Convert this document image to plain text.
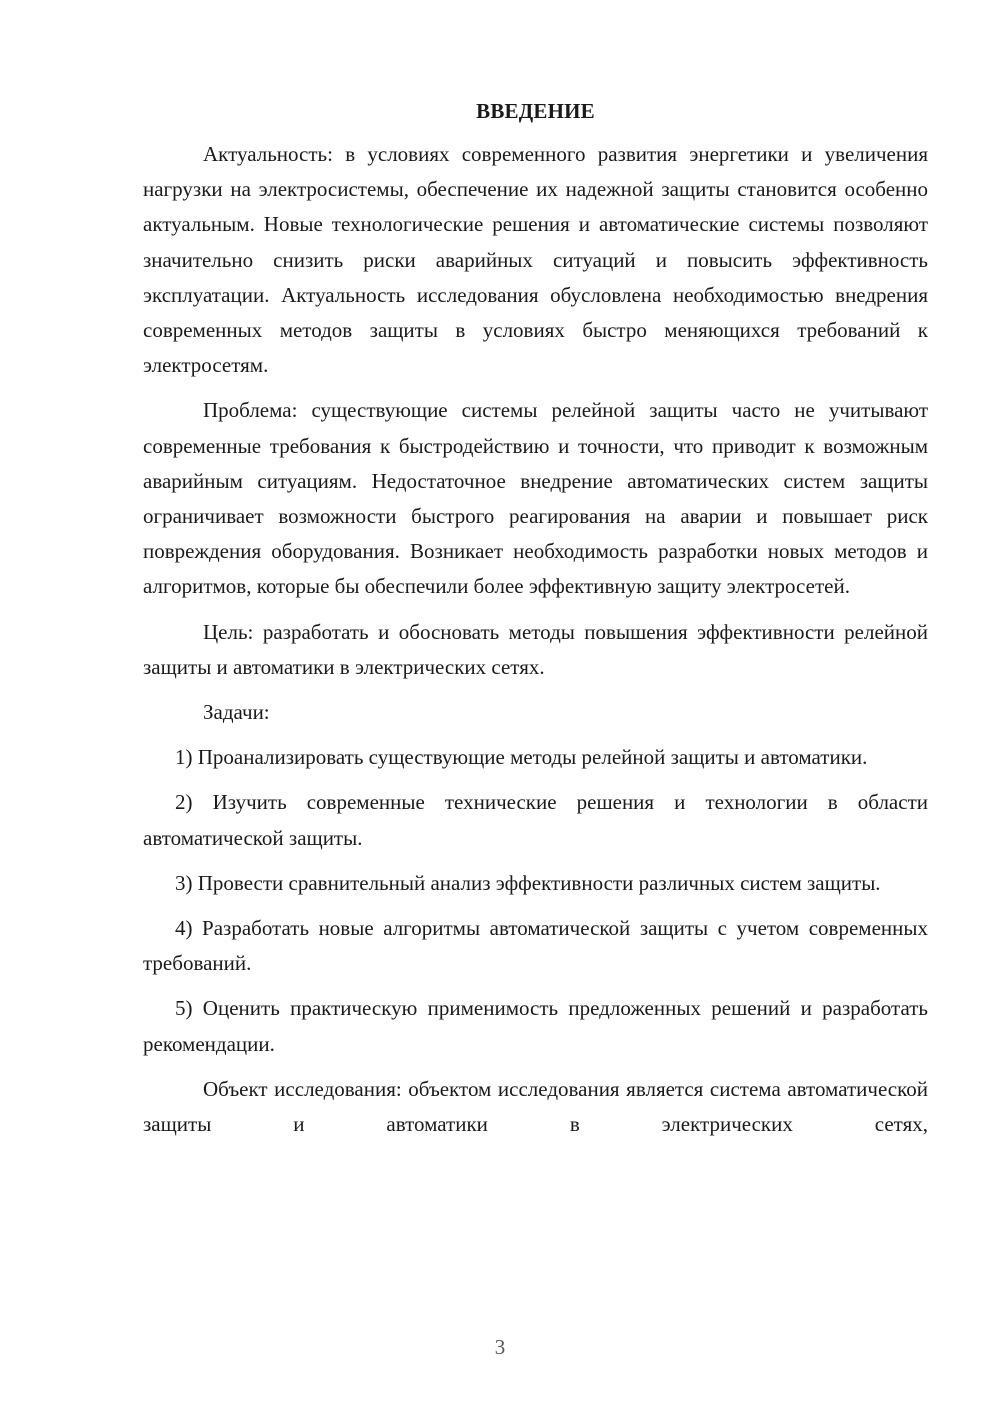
ВВЕДЕНИЕ

Актуальность: в условиях современного развития энергетики и увеличения нагрузки на электросистемы, обеспечение их надежной защиты становится особенно актуальным. Новые технологические решения и автоматические системы позволяют значительно снизить риски аварийных ситуаций и повысить эффективность эксплуатации. Актуальность исследования обусловлена необходимостью внедрения современных методов защиты в условиях быстро меняющихся требований к электросетям.

Проблема: существующие системы релейной защиты часто не учитывают современные требования к быстродействию и точности, что приводит к возможным аварийным ситуациям. Недостаточное внедрение автоматических систем защиты ограничивает возможности быстрого реагирования на аварии и повышает риск повреждения оборудования. Возникает необходимость разработки новых методов и алгоритмов, которые бы обеспечили более эффективную защиту электросетей.

Цель: разработать и обосновать методы повышения эффективности релейной защиты и автоматики в электрических сетях.

Задачи:

1) Проанализировать существующие методы релейной защиты и автоматики.

2) Изучить современные технические решения и технологии в области автоматической защиты.

3) Провести сравнительный анализ эффективности различных систем защиты.

4) Разработать новые алгоритмы автоматической защиты с учетом современных требований.

5) Оценить практическую применимость предложенных решений и разработать рекомендации.

Объект исследования: объектом исследования является система автоматической защиты и автоматики в электрических сетях,

3
